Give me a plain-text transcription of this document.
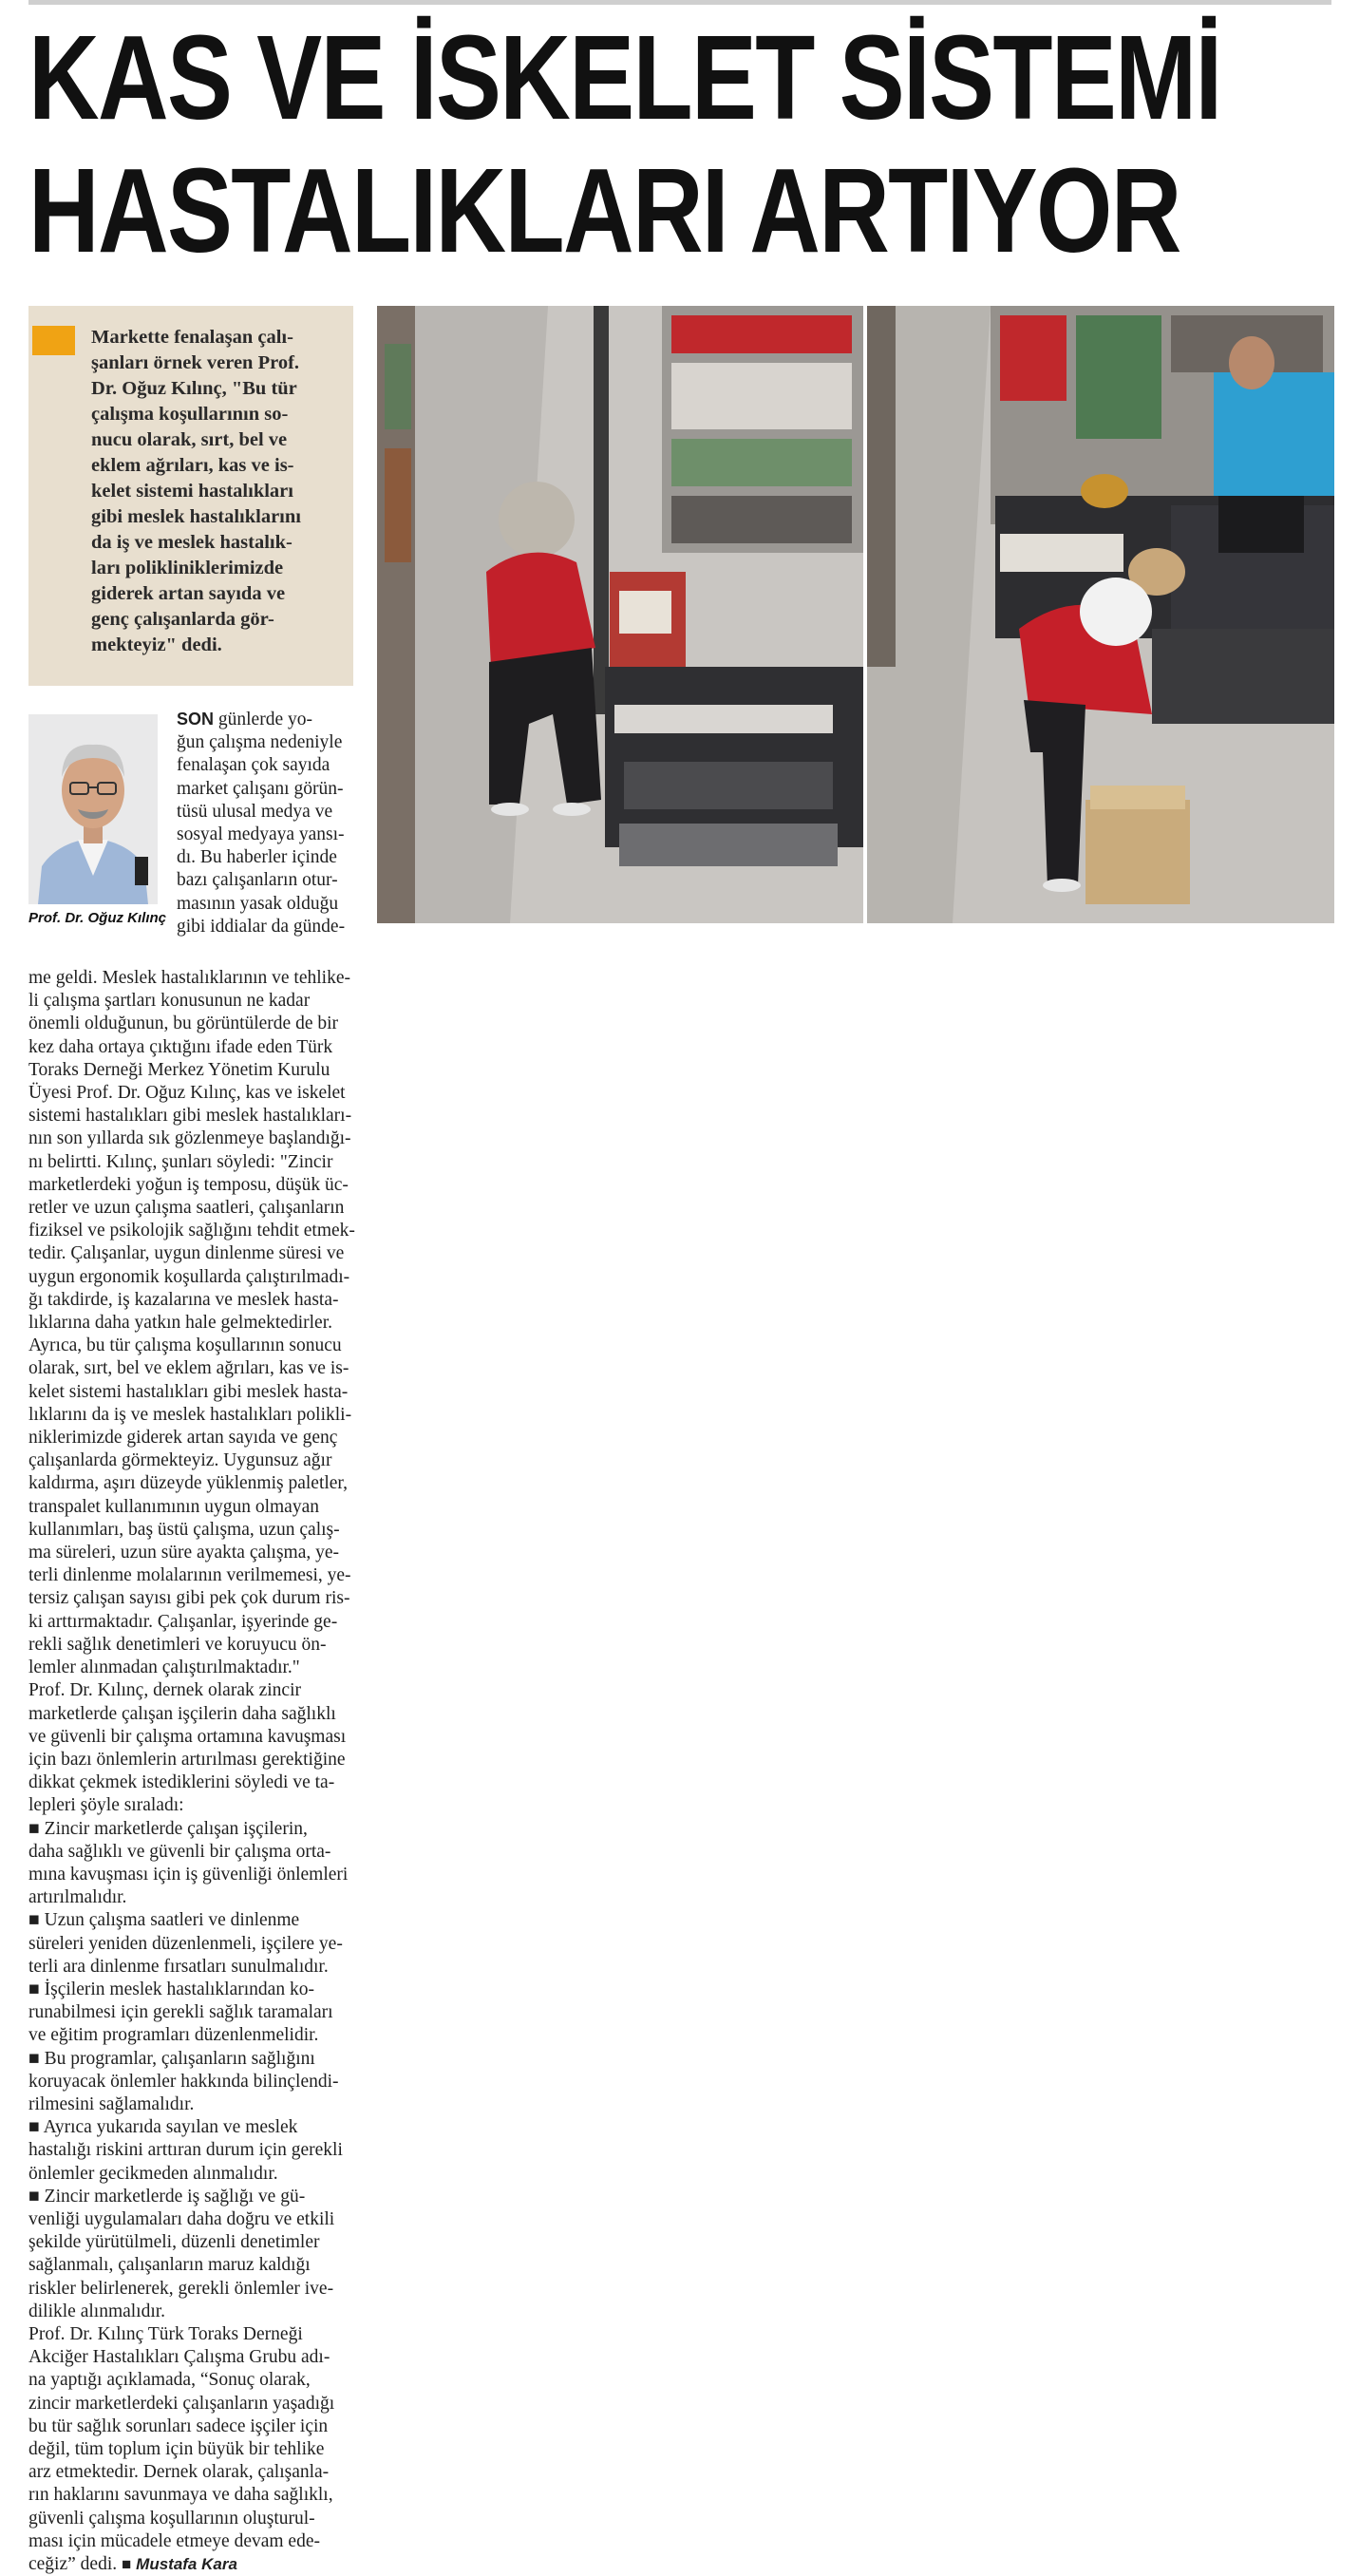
KAS VE İSKELET SİSTEMİ
HASTALIKLARI ARTIYOR

Markette fenalaşan çalı-
şanları örnek veren Prof.
Dr. Oğuz Kılınç, "Bu tür
çalışma koşullarının so-
nucu olarak, sırt, bel ve
eklem ağrıları, kas ve is-
kelet sistemi hastalıkları
gibi meslek hastalıklarını
da iş ve meslek hastalık-
ları polikliniklerimizde
giderek artan sayıda ve
genç çalışanlarda gör-
mekteyiz" dedi.

Prof. Dr. Oğuz Kılınç

SON günlerde yo-
ğun çalışma nedeniyle
fenalaşan çok sayıda
market çalışanı görün-
tüsü ulusal medya ve
sosyal medyaya yansı-
dı. Bu haberler içinde
bazı çalışanların otur-
masının yasak olduğu
gibi iddialar da günde-

me geldi. Meslek hastalıklarının ve tehlike-
li çalışma şartları konusunun ne kadar
önemli olduğunun, bu görüntülerde de bir
kez daha ortaya çıktığını ifade eden Türk
Toraks Derneği Merkez Yönetim Kurulu
Üyesi Prof. Dr. Oğuz Kılınç, kas ve iskelet
sistemi hastalıkları gibi meslek hastalıkları-
nın son yıllarda sık gözlenmeye başlandığı-
nı belirtti. Kılınç, şunları söyledi: "Zincir
marketlerdeki yoğun iş temposu, düşük üc-
retler ve uzun çalışma saatleri, çalışanların
fiziksel ve psikolojik sağlığını tehdit etmek-
tedir. Çalışanlar, uygun dinlenme süresi ve
uygun ergonomik koşullarda çalıştırılmadı-
ğı takdirde, iş kazalarına ve meslek hasta-
lıklarına daha yatkın hale gelmektedirler.
Ayrıca, bu tür çalışma koşullarının sonucu
olarak, sırt, bel ve eklem ağrıları, kas ve is-
kelet sistemi hastalıkları gibi meslek hasta-
lıklarını da iş ve meslek hastalıkları polikli-
niklerimizde giderek artan sayıda ve genç
çalışanlarda görmekteyiz. Uygunsuz ağır
kaldırma, aşırı düzeyde yüklenmiş paletler,
transpalet kullanımının uygun olmayan
kullanımları, baş üstü çalışma, uzun çalış-
ma süreleri, uzun süre ayakta çalışma, ye-
terli dinlenme molalarının verilmemesi, ye-
tersiz çalışan sayısı gibi pek çok durum ris-
ki arttırmaktadır. Çalışanlar, işyerinde ge-
rekli sağlık denetimleri ve koruyucu ön-
lemler alınmadan çalıştırılmaktadır."
Prof. Dr. Kılınç, dernek olarak zincir
marketlerde çalışan işçilerin daha sağlıklı
ve güvenli bir çalışma ortamına kavuşması
için bazı önlemlerin artırılması gerektiğine
dikkat çekmek istediklerini söyledi ve ta-
lepleri şöyle sıraladı:
■ Zincir marketlerde çalışan işçilerin,
daha sağlıklı ve güvenli bir çalışma orta-
mına kavuşması için iş güvenliği önlemleri
artırılmalıdır.
■ Uzun çalışma saatleri ve dinlenme
süreleri yeniden düzenlenmeli, işçilere ye-
terli ara dinlenme fırsatları sunulmalıdır.
■ İşçilerin meslek hastalıklarından ko-
runabilmesi için gerekli sağlık taramaları
ve eğitim programları düzenlenmelidir.
■ Bu programlar, çalışanların sağlığını
koruyacak önlemler hakkında bilinçlendi-
rilmesini sağlamalıdır.
■ Ayrıca yukarıda sayılan ve meslek
hastalığı riskini arttıran durum için gerekli
önlemler gecikmeden alınmalıdır.
■ Zincir marketlerde iş sağlığı ve gü-
venliği uygulamaları daha doğru ve etkili
şekilde yürütülmeli, düzenli denetimler
sağlanmalı, çalışanların maruz kaldığı
riskler belirlenerek, gerekli önlemler ive-
dilikle alınmalıdır.
Prof. Dr. Kılınç Türk Toraks Derneği
Akciğer Hastalıkları Çalışma Grubu adı-
na yaptığı açıklamada, “Sonuç olarak,
zincir marketlerdeki çalışanların yaşadığı
bu tür sağlık sorunları sadece işçiler için
değil, tüm toplum için büyük bir tehlike
arz etmektedir. Dernek olarak, çalışanla-
rın haklarını savunmaya ve daha sağlıklı,
güvenli çalışma koşullarının oluşturul-
ması için mücadele etmeye devam ede-
ceğiz” dedi. ■ Mustafa Kara
